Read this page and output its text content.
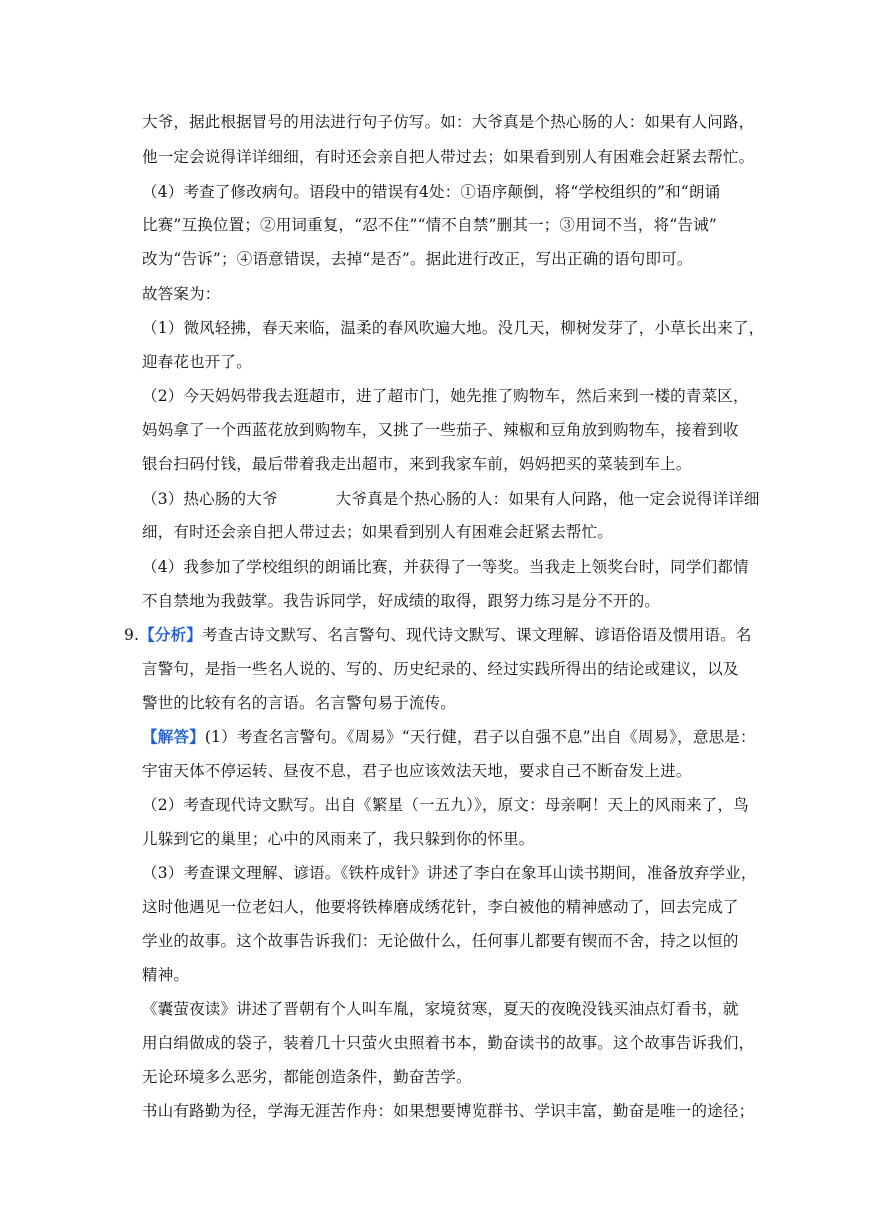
大爷，据此根据冒号的用法进行句子仿写。如：大爷真是个热心肠的人：如果有人问路，
他一定会说得详详细细，有时还会亲自把人带过去；如果看到别人有困难会赶紧去帮忙。
（4）考查了修改病句。语段中的错误有4处：①语序颠倒，将“学校组织的”和“朗诵
比赛”互换位置；②用词重复，“忍不住”“情不自禁”删其一；③用词不当，将“告诫”
改为“告诉”；④语意错误，去掉“是否”。据此进行改正，写出正确的语句即可。
故答案为：
（1）微风轻拂，春天来临，温柔的春风吹遍大地。没几天，柳树发芽了，小草长出来了，
迎春花也开了。
（2）今天妈妈带我去逛超市，进了超市门，她先推了购物车，然后来到一楼的青菜区，
妈妈拿了一个西蓝花放到购物车，又挑了一些茄子、辣椒和豆角放到购物车，接着到收
银台扫码付钱，最后带着我走出超市，来到我家车前，妈妈把买的菜装到车上。
（3）热心肠的大爷	大爷真是个热心肠的人：如果有人问路，他一定会说得详详细
细，有时还会亲自把人带过去；如果看到别人有困难会赶紧去帮忙。
（4）我参加了学校组织的朗诵比赛，并获得了一等奖。当我走上领奖台时，同学们都情
不自禁地为我鼓掌。我告诉同学，好成绩的取得，跟努力练习是分不开的。
9.【分析】考查古诗文默写、名言警句、现代诗文默写、课文理解、谚语俗语及惯用语。名
言警句，是指一些名人说的、写的、历史纪录的、经过实践所得出的结论或建议，以及
警世的比较有名的言语。名言警句易于流传。
【解答】(1）考查名言警句。《周易》“天行健，君子以自强不息”出自《周易》，意思是：
宇宙天体不停运转、昼夜不息，君子也应该效法天地，要求自己不断奋发上进。
（2）考查现代诗文默写。出自《繁星（一五九）》，原文：母亲啊！天上的风雨来了，鸟
儿躲到它的巢里；心中的风雨来了，我只躲到你的怀里。
（3）考查课文理解、谚语。《铁杵成针》讲述了李白在象耳山读书期间，准备放弃学业，
这时他遇见一位老妇人，他要将铁棒磨成绣花针，李白被他的精神感动了，回去完成了
学业的故事。这个故事告诉我们：无论做什么，任何事儿都要有锲而不舍，持之以恒的
精神。
《囊萤夜读》讲述了晋朝有个人叫车胤，家境贫寒，夏天的夜晚没钱买油点灯看书，就
用白绢做成的袋子，装着几十只萤火虫照着书本，勤奋读书的故事。这个故事告诉我们，
无论环境多么恶劣，都能创造条件，勤奋苦学。
书山有路勤为径，学海无涯苦作舟：如果想要博览群书、学识丰富，勤奋是唯一的途径；
